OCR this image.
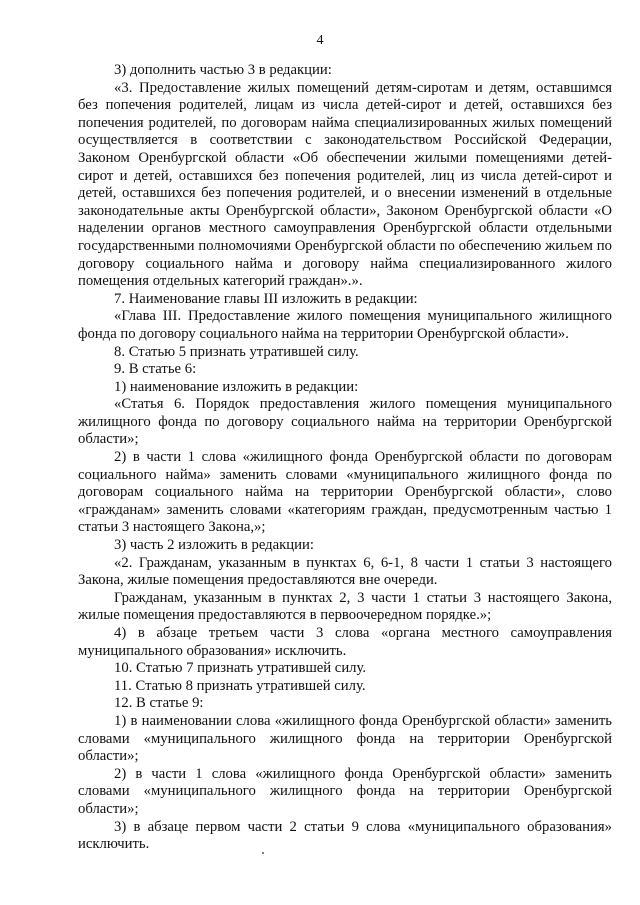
4

3) дополнить частью 3 в редакции:

«3. Предоставление жилых помещений детям-сиротам и детям, оставшимся без попечения родителей, лицам из числа детей-сирот и детей, оставшихся без попечения родителей, по договорам найма специализированных жилых помещений осуществляется в соответствии с законодательством Российской Федерации, Законом Оренбургской области «Об обеспечении жилыми помещениями детей-сирот и детей, оставшихся без попечения родителей, лиц из числа детей-сирот и детей, оставшихся без попечения родителей, и о внесении изменений в отдельные законодательные акты Оренбургской области», Законом Оренбургской области «О наделении органов местного самоуправления Оренбургской области отдельными государственными полномочиями Оренбургской области по обеспечению жильем по договору социального найма и договору найма специализированного жилого помещения отдельных категорий граждан».».

7. Наименование главы III изложить в редакции:

«Глава III. Предоставление жилого помещения муниципального жилищного фонда по договору социального найма на территории Оренбургской области».

8. Статью 5 признать утратившей силу.

9. В статье 6:

1) наименование изложить в редакции:

«Статья 6. Порядок предоставления жилого помещения муниципального жилищного фонда по договору социального найма на территории Оренбургской области»;

2) в части 1 слова «жилищного фонда Оренбургской области по договорам социального найма» заменить словами «муниципального жилищного фонда по договорам социального найма на территории Оренбургской области», слово «гражданам» заменить словами «категориям граждан, предусмотренным частью 1 статьи 3 настоящего Закона,»;

3) часть 2 изложить в редакции:

«2. Гражданам, указанным в пунктах 6, 6-1, 8 части 1 статьи 3 настоящего Закона, жилые помещения предоставляются вне очереди.

Гражданам, указанным в пунктах 2, 3 части 1 статьи 3 настоящего Закона, жилые помещения предоставляются в первоочередном порядке.»;

4) в абзаце третьем части 3 слова «органа местного самоуправления муниципального образования» исключить.

10. Статью 7 признать утратившей силу.

11. Статью 8 признать утратившей силу.

12. В статье 9:

1) в наименовании слова «жилищного фонда Оренбургской области» заменить словами «муниципального жилищного фонда на территории Оренбургской области»;

2) в части 1 слова «жилищного фонда Оренбургской области» заменить словами «муниципального жилищного фонда на территории Оренбургской области»;

3) в абзаце первом части 2 статьи 9 слова «муниципального образования» исключить.
